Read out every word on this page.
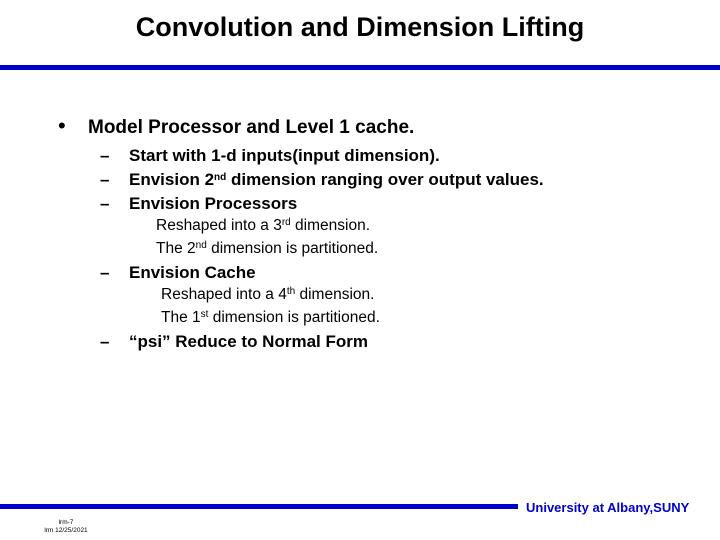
Convolution and Dimension Lifting
• Model Processor and Level 1 cache.
– Start with 1-d inputs(input dimension).
– Envision 2nd dimension ranging over output values.
– Envision Processors
Reshaped into a 3rd dimension.
The 2nd dimension is partitioned.
– Envision Cache
Reshaped into a 4th dimension.
The 1st dimension is partitioned.
– “psi” Reduce to Normal Form
University at Albany,SUNY
lrm-7
lrm 12/25/2021
